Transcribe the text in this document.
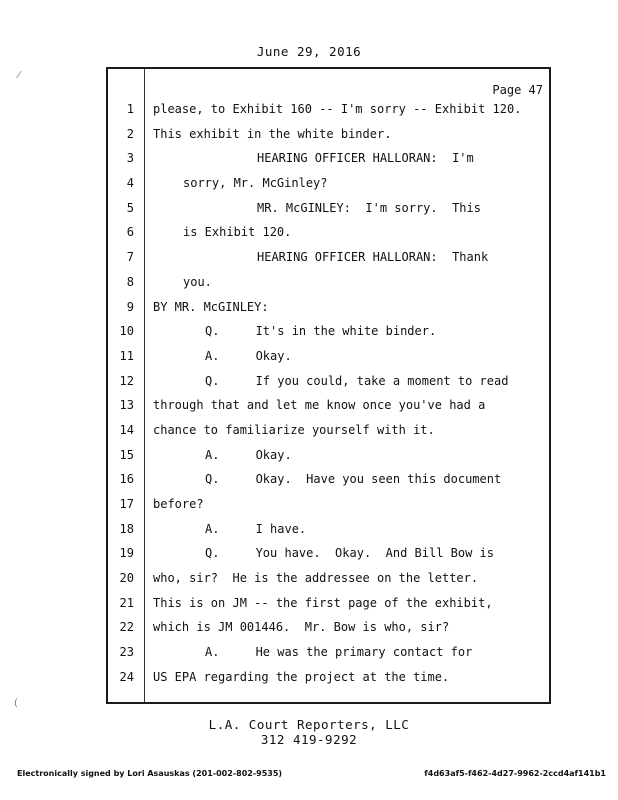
June 29, 2016
⁄
(
Page 47
1 please, to Exhibit 160 -- I'm sorry -- Exhibit 120.
2 This exhibit in the white binder.
3	HEARING OFFICER HALLORAN:  I'm
4	sorry, Mr. McGinley?
5	MR. McGINLEY:  I'm sorry.  This
6	is Exhibit 120.
7	HEARING OFFICER HALLORAN:  Thank
8	you.
9 BY MR. McGINLEY:
10	Q.     It's in the white binder.
11	A.     Okay.
12	Q.     If you could, take a moment to read
13 through that and let me know once you've had a
14 chance to familiarize yourself with it.
15	A.     Okay.
16	Q.     Okay.  Have you seen this document
17 before?
18	A.     I have.
19	Q.     You have.  Okay.  And Bill Bow is
20 who, sir?  He is the addressee on the letter.
21 This is on JM -- the first page of the exhibit,
22 which is JM 001446.  Mr. Bow is who, sir?
23	A.     He was the primary contact for
24 US EPA regarding the project at the time.
L.A. Court Reporters, LLC
312 419-9292
Electronically signed by Lori Asauskas (201-002-802-9535)	f4d63af5-f462-4d27-9962-2ccd4af141b1
